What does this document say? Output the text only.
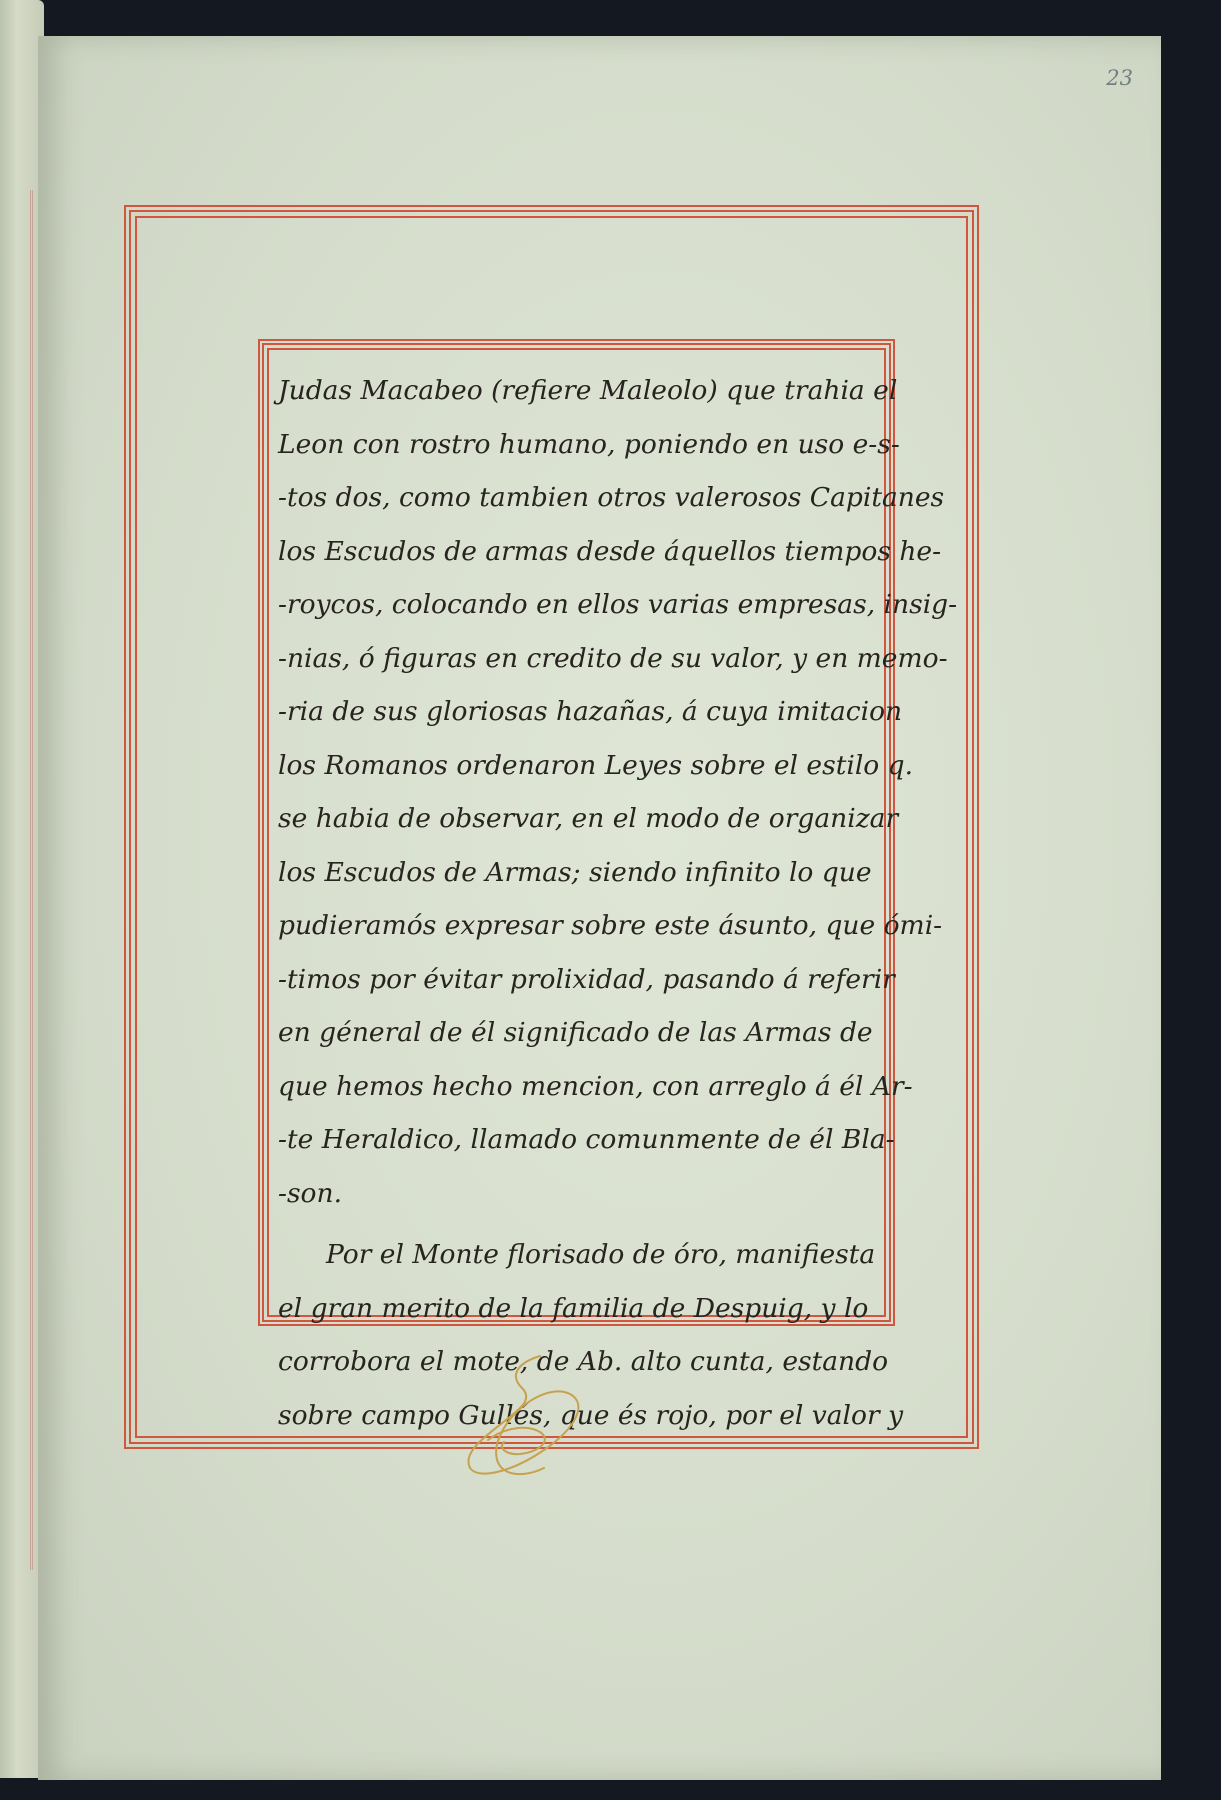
23
Judas Macabeo (refiere Maleolo) que trahia el
Leon con rostro humano, poniendo en uso e-s-
-tos dos, como tambien otros valerosos Capitanes
los Escudos de armas desde áquellos tiempos he-
-roycos, colocando en ellos varias empresas, insig-
-nias, ó figuras en credito de su valor, y en memo-
-ria de sus gloriosas hazañas, á cuya imitacion
los Romanos ordenaron Leyes sobre el estilo q.
se habia de observar, en el modo de organizar
los Escudos de Armas; siendo infinito lo que
pudieramós expresar sobre este ásunto, que ómi-
-timos por évitar prolixidad, pasando á referir
en géneral de él significado de las Armas de
que hemos hecho mencion, con arreglo á él Ar-
-te Heraldico, llamado comunmente de él Bla-
-son.
Por el Monte florisado de óro, manifiesta
el gran merito de la familia de Despuig, y lo
corrobora el mote, de Ab. alto cunta, estando
sobre campo Gullés, que és rojo, por el valor y
